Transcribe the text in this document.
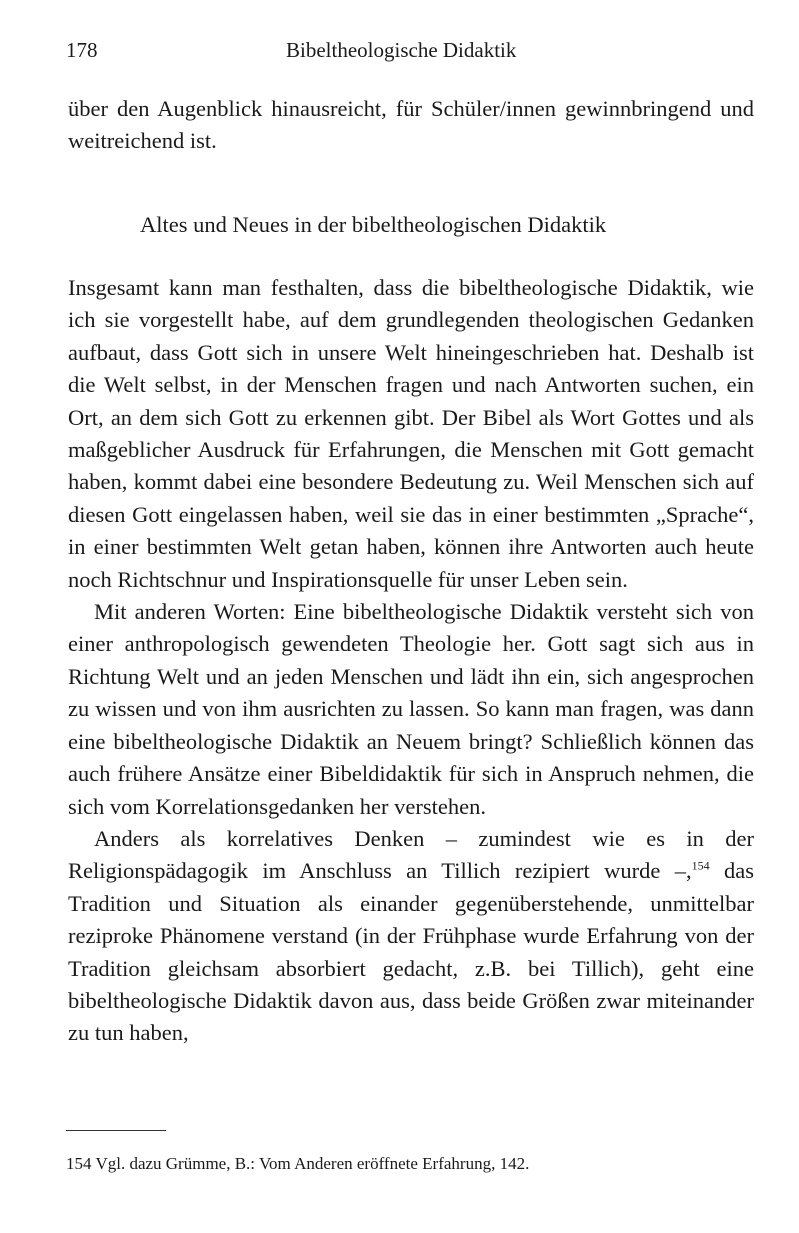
178	Bibeltheologische Didaktik

über den Augenblick hinausreicht, für Schüler/innen gewinnbringend und weitreichend ist.

Altes und Neues in der bibeltheologischen Didaktik

Insgesamt kann man festhalten, dass die bibeltheologische Didaktik, wie ich sie vorgestellt habe, auf dem grundlegenden theologischen Gedanken aufbaut, dass Gott sich in unsere Welt hineingeschrieben hat. Deshalb ist die Welt selbst, in der Menschen fragen und nach Antworten suchen, ein Ort, an dem sich Gott zu erkennen gibt. Der Bibel als Wort Gottes und als maßgeblicher Ausdruck für Erfahrungen, die Menschen mit Gott gemacht haben, kommt dabei eine besondere Bedeutung zu. Weil Menschen sich auf diesen Gott eingelassen haben, weil sie das in einer bestimmten „Sprache“, in einer bestimmten Welt getan haben, können ihre Antworten auch heute noch Richtschnur und Inspirationsquelle für unser Leben sein.

Mit anderen Worten: Eine bibeltheologische Didaktik versteht sich von einer anthropologisch gewendeten Theologie her. Gott sagt sich aus in Richtung Welt und an jeden Menschen und lädt ihn ein, sich angesprochen zu wissen und von ihm ausrichten zu lassen. So kann man fragen, was dann eine bibeltheologische Didaktik an Neuem bringt? Schließlich können das auch frühere Ansätze einer Bibeldidaktik für sich in Anspruch nehmen, die sich vom Korrelationsgedanken her verstehen.

Anders als korrelatives Denken – zumindest wie es in der Religionspädagogik im Anschluss an Tillich rezipiert wurde –,$^{154}$ das Tradition und Situation als einander gegenüberstehende, unmittelbar reziproke Phänomene verstand (in der Frühphase wurde Erfahrung von der Tradition gleichsam absorbiert gedacht, z.B. bei Tillich), geht eine bibeltheologische Didaktik davon aus, dass beide Größen zwar miteinander zu tun haben,

154 Vgl. dazu Grümme, B.: Vom Anderen eröffnete Erfahrung, 142.
